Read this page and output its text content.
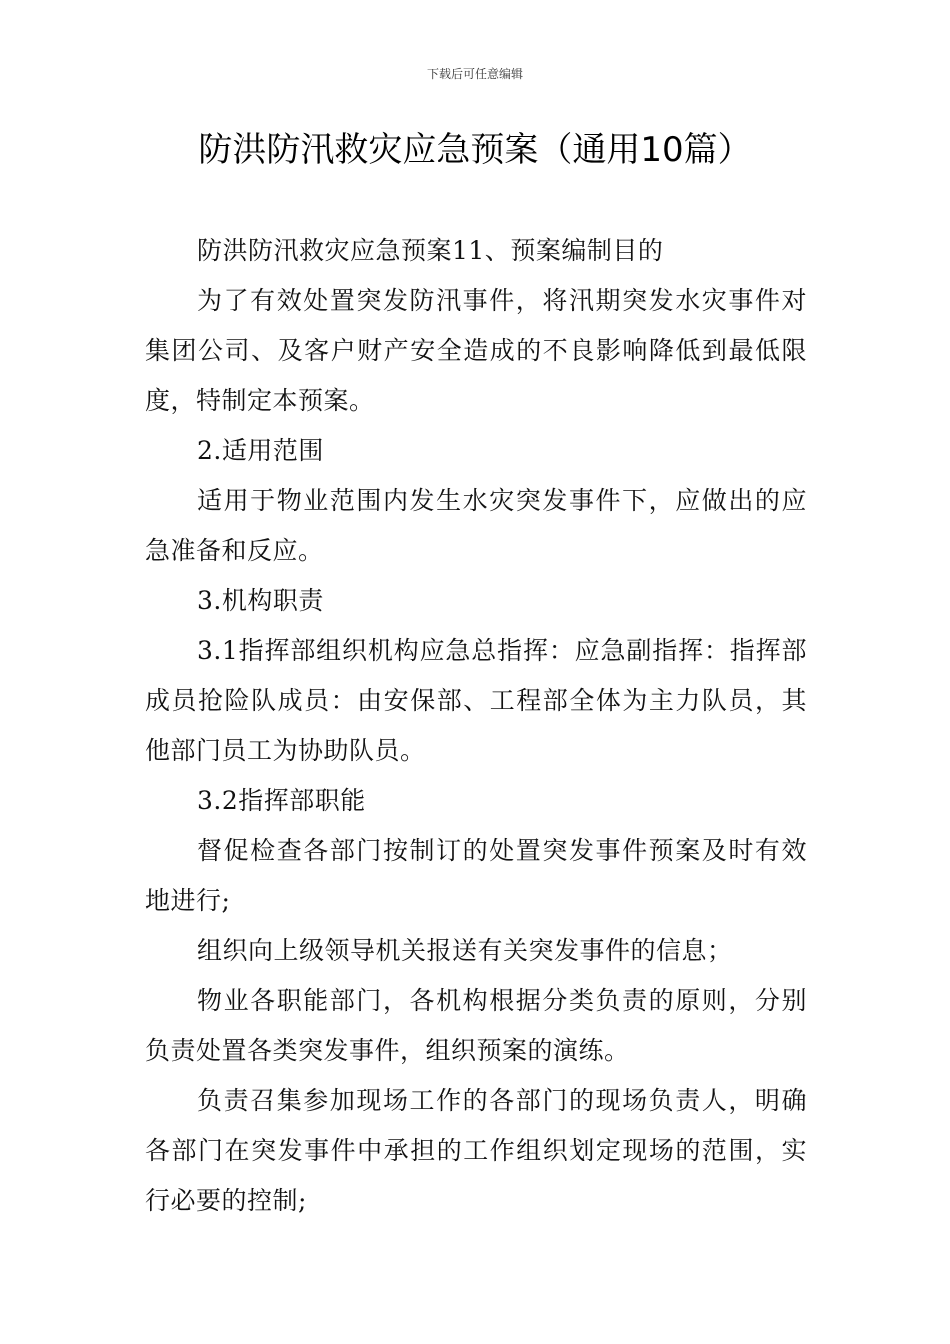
下载后可任意编辑
防洪防汛救灾应急预案（通用10篇）

防洪防汛救灾应急预案11、预案编制目的

为了有效处置突发防汛事件，将汛期突发水灾事件对集团公司、及客户财产安全造成的不良影响降低到最低限度，特制定本预案。

2.适用范围

适用于物业范围内发生水灾突发事件下，应做出的应急准备和反应。

3.机构职责

3.1指挥部组织机构应急总指挥：应急副指挥：指挥部成员抢险队成员：由安保部、工程部全体为主力队员，其他部门员工为协助队员。

3.2指挥部职能

督促检查各部门按制订的处置突发事件预案及时有效地进行;

组织向上级领导机关报送有关突发事件的信息；

物业各职能部门，各机构根据分类负责的原则，分别负责处置各类突发事件，组织预案的演练。

负责召集参加现场工作的各部门的现场负责人，明确各部门在突发事件中承担的工作组织划定现场的范围，实行必要的控制;
